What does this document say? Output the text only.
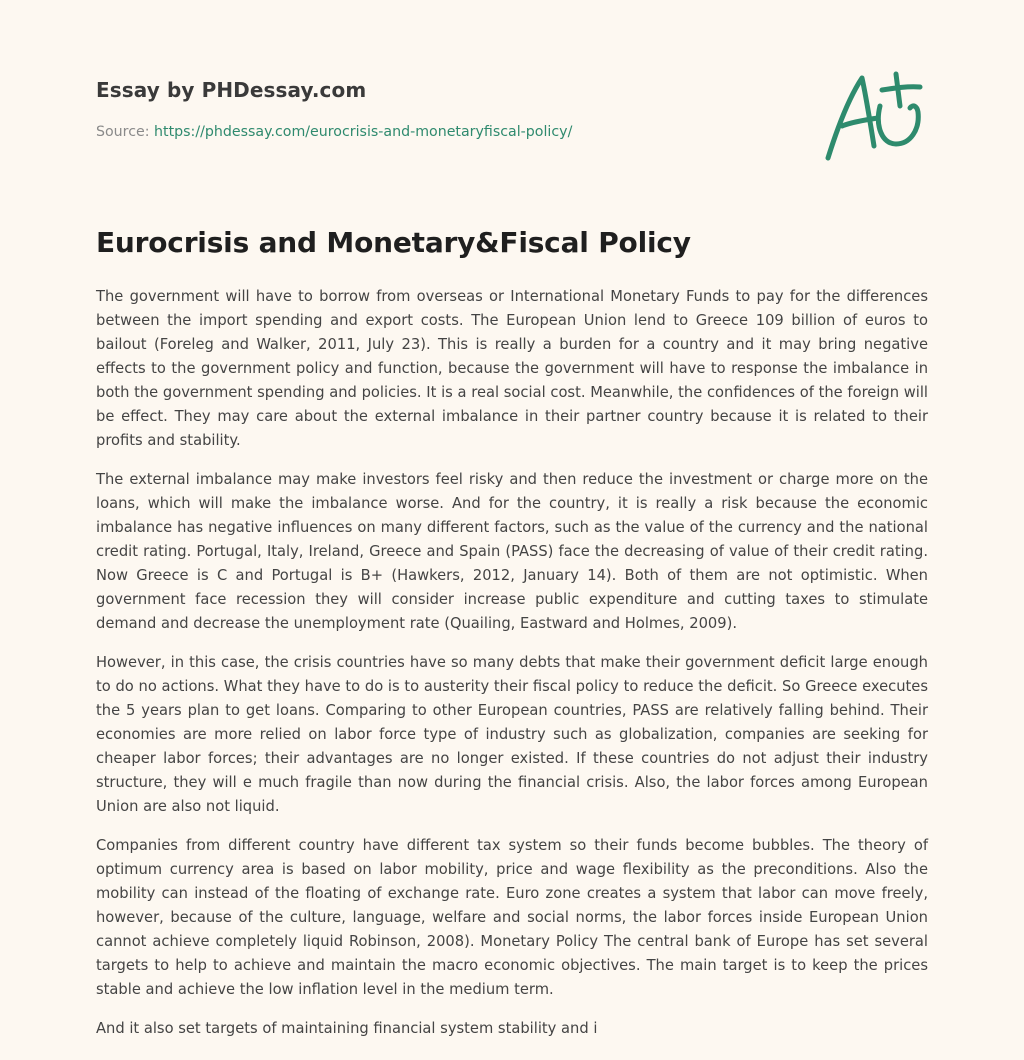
Essay by PHDessay.com
Source: https://phdessay.com/eurocrisis-and-monetaryfiscal-policy/
Eurocrisis and Monetary&Fiscal Policy

The government will have to borrow from overseas or International Monetary Funds to pay for the differences between the import spending and export costs. The European Union lend to Greece 109 billion of euros to bailout (Foreleg and Walker, 2011, July 23). This is really a burden for a country and it may bring negative effects to the government policy and function, because the government will have to response the imbalance in both the government spending and policies. It is a real social cost. Meanwhile, the confidences of the foreign will be effect. They may care about the external imbalance in their partner country because it is related to their profits and stability.

The external imbalance may make investors feel risky and then reduce the investment or charge more on the loans, which will make the imbalance worse. And for the country, it is really a risk because the economic imbalance has negative influences on many different factors, such as the value of the currency and the national credit rating. Portugal, Italy, Ireland, Greece and Spain (PASS) face the decreasing of value of their credit rating. Now Greece is C and Portugal is B+ (Hawkers, 2012, January 14). Both of them are not optimistic. When government face recession they will consider increase public expenditure and cutting taxes to stimulate demand and decrease the unemployment rate (Quailing, Eastward and Holmes, 2009).

However, in this case, the crisis countries have so many debts that make their government deficit large enough to do no actions. What they have to do is to austerity their fiscal policy to reduce the deficit. So Greece executes the 5 years plan to get loans. Comparing to other European countries, PASS are relatively falling behind. Their economies are more relied on labor force type of industry such as globalization, companies are seeking for cheaper labor forces; their advantages are no longer existed. If these countries do not adjust their industry structure, they will e much fragile than now during the financial crisis. Also, the labor forces among European Union are also not liquid.

Companies from different country have different tax system so their funds become bubbles. The theory of optimum currency area is based on labor mobility, price and wage flexibility as the preconditions. Also the mobility can instead of the floating of exchange rate. Euro zone creates a system that labor can move freely, however, because of the culture, language, welfare and social norms, the labor forces inside European Union cannot achieve completely liquid Robinson, 2008). Monetary Policy The central bank of Europe has set several targets to help to achieve and maintain the macro economic objectives. The main target is to keep the prices stable and achieve the low inflation level in the medium term.

And it also set targets of maintaining financial system stability and i
